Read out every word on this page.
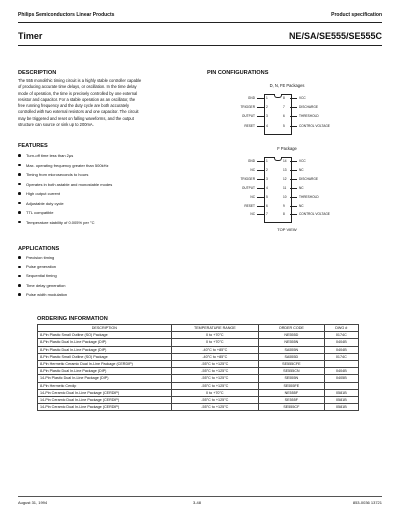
Philips Semiconductors Linear Products	Product specification
Timer	NE/SA/SE555/SE555C
DESCRIPTION
The 555 monolithic timing circuit is a highly stable controller capable
of producing accurate time delays, or oscillation. In the time delay
mode of operation, the time is precisely controlled by one external
resistor and capacitor. For a stable operation as an oscillator, the
free running frequency and the duty cycle are both accurately
controlled with two external resistors and one capacitor. The circuit
may be triggered and reset on falling waveforms, and the output
structure can source or sink up to 200mA.
FEATURES
Turn-off time less than 2µs
Max. operating frequency greater than 500kHz
Timing from microseconds to hours
Operates in both astable and monostable modes
High output current
Adjustable duty cycle
TTL compatible
Temperature stability of 0.005% per °C
APPLICATIONS
Precision timing
Pulse generation
Sequential timing
Time delay generation
Pulse width modulation
PIN CONFIGURATIONS
D, N, FE Packages
GND	1	8	VCC
TRIGGER	2	7	DISCHARGE
OUTPUT	3	6	THRESHOLD
RESET	4	5	CONTROL VOLTAGE
F Package
GND	1	14	VCC
NC	2	13	NC
TRIGGER	3	12	DISCHARGE
OUTPUT	4	11	NC
NC	5	10	THRESHOLD
RESET	6	9	NC
NC	7	8	CONTROL VOLTAGE
TOP VIEW
ORDERING INFORMATION
DESCRIPTION	TEMPERATURE RANGE	ORDER CODE	DWG #
8-Pin Plastic Small Outline (SO) Package	0 to +70°C	NE555D	0174C
8-Pin Plastic Dual In-Line Package (DIP)	0 to +70°C	NE555N	0404B
8-Pin Plastic Dual In-Line Package (DIP)	-40°C to +85°C	SA555N	0404B
8-Pin Plastic Small Outline (SO) Package	-40°C to +85°C	SA555D	0174C
8-Pin Hermetic Ceramic Dual In-Line Package (CERDIP)	-55°C to +125°C	SE555CFE	
8-Pin Plastic Dual In-Line Package (DIP)	-55°C to +125°C	SE555CN	0404B
14-Pin Plastic Dual In-Line Package (DIP)	-55°C to +125°C	SE555N	0405B
8-Pin Hermetic Cerdip	-55°C to +125°C	SE555FE	
14-Pin Ceramic Dual In-Line Package (CERDIP)	0 to +70°C	NE555F	0581B
14-Pin Ceramic Dual In-Line Package (CERDIP)	-55°C to +125°C	SE555F	0581B
14-Pin Ceramic Dual In-Line Package (CERDIP)	-55°C to +125°C	SE555CF	0581B
August 31, 1994	3-48	853-0036 13721
